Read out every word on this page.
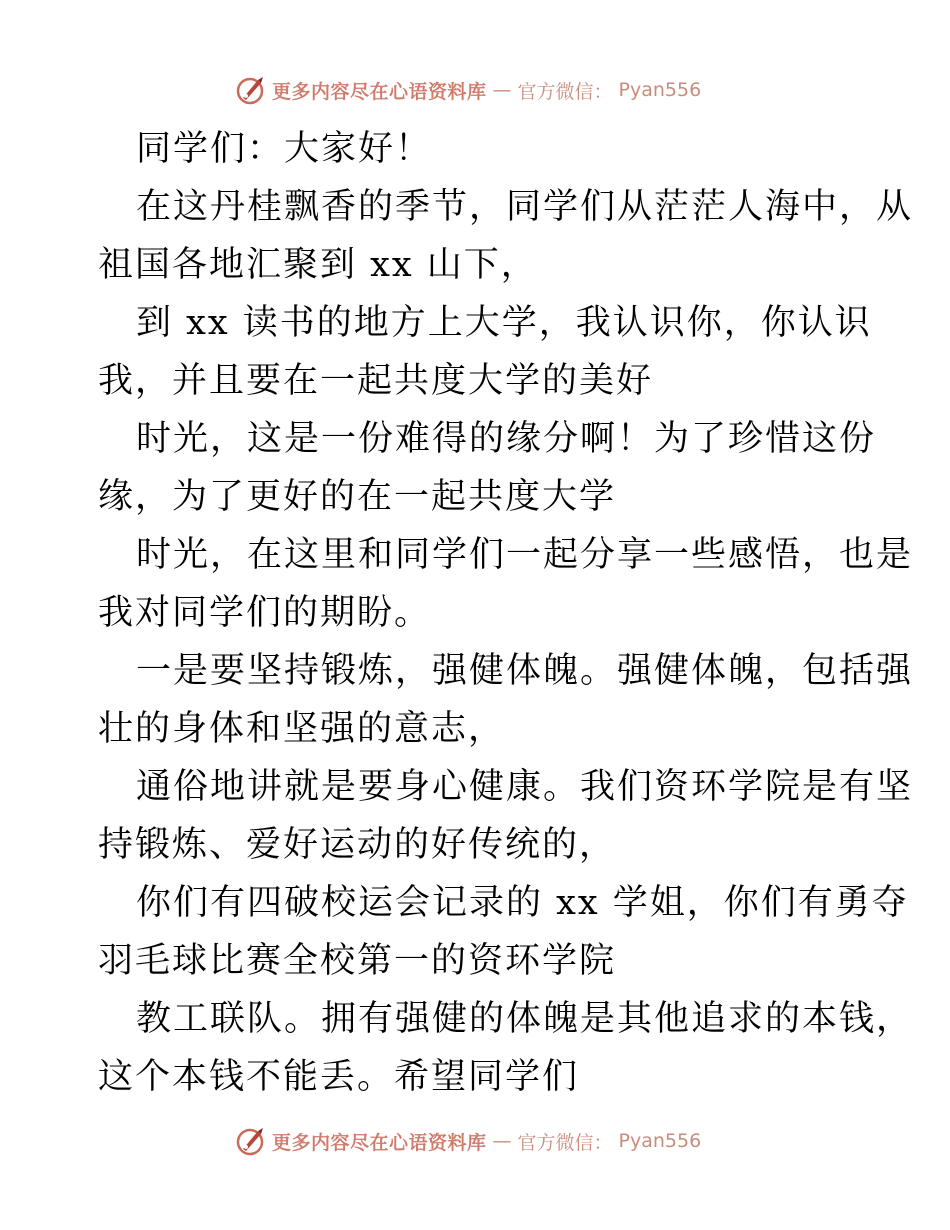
更多内容尽在心语资料库 — 官方微信： Pyan556
同学们：大家好！
在这丹桂飘香的季节，同学们从茫茫人海中，从
祖国各地汇聚到 xx 山下，
到 xx 读书的地方上大学，我认识你，你认识
我，并且要在一起共度大学的美好
时光，这是一份难得的缘分啊！为了珍惜这份
缘，为了更好的在一起共度大学
时光，在这里和同学们一起分享一些感悟，也是
我对同学们的期盼。
一是要坚持锻炼，强健体魄。强健体魄，包括强
壮的身体和坚强的意志，
通俗地讲就是要身心健康。我们资环学院是有坚
持锻炼、爱好运动的好传统的，
你们有四破校运会记录的 xx 学姐，你们有勇夺
羽毛球比赛全校第一的资环学院
教工联队。拥有强健的体魄是其他追求的本钱，
这个本钱不能丢。希望同学们
更多内容尽在心语资料库 — 官方微信： Pyan556
